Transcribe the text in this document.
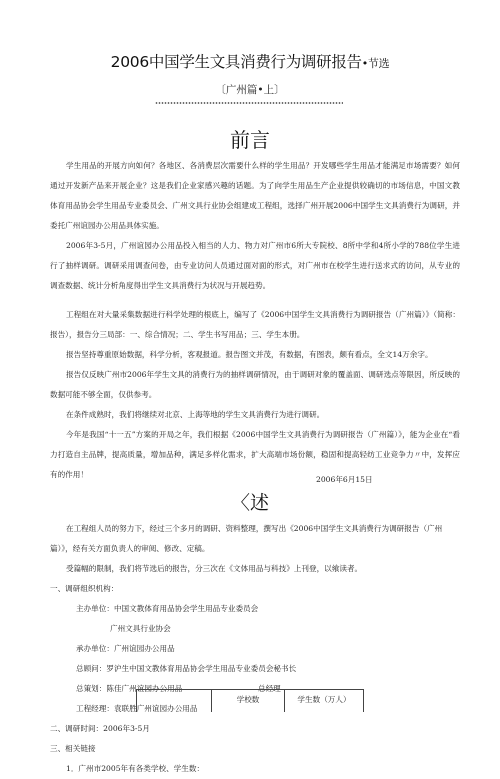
2006中国学生文具消费行为调研报告•节选
〔广州篇•上〕
前言

学生用品的开展方向如何？各地区、各消费层次需要什么样的学生用品？开发哪些学生用品才能满足市场需要？如何通过开发新产品来开展企业？这是我们企业家感兴趣的话题。为了向学生用品生产企业提供较确切的市场信息，中国文教体育用品协会学生用品专业委员会、广州文具行业协会组建成工程组，选择广州开展2006中国学生文具消费行为调研，并委托广州谊园办公用品具体实施。

2006年3-5月，广州谊园办公用品投入相当的人力、物力对广州市6所大专院校、8所中学和4所小学的788位学生进行了抽样调研。调研采用调查问卷，由专业访问人员通过面对面的形式，对广州市在校学生进行送求式的访问，从专业的调查数据、统计分析角度得出学生文具消费行为状况与开展趋势。

工程组在对大量采集数据进行科学处理的根底上，编写了《2006中国学生文具消费行为调研报告（广州篇）》（简称：报告），报告分三局部：一、综合情况；二、学生书写用品；三、学生本册。

报告坚持尊重原始数据，科学分析，客观报道。报告图文并茂，有数据，有图表，颇有看点，全文14万余字。

报告仅反映广州市2006年学生文具的消费行为的抽样调研情况，由于调研对象的覆盖面、调研选点等限因，所反映的数据可能不够全面，仅供参考。

在条件成熟时，我们将继续对北京、上海等地的学生文具消费行为进行调研。

今年是我国“十一五”方案的开局之年，我们根据《2006中国学生文具消费行为调研报告（广州篇）》，能为企业在“看力打造自主品牌，提高质量，增加品种，满足多样化需求，扩大高端市场份额，稳固和提高轻纺工业竞争力〃中，发挥应有的作用！

2006年6月15日
〈述
在工程组人员的努力下，经过三个多月的调研、资料整理，撰写出《2006中国学生文具消费行为调研报告（广州篇）》，经有关方面负责人的审阅、修改、定稿。
受篇幅的限制，我们将节选后的报告，分三次在《文体用品与科技》上刊登，以飨读者。
一、调研组织机构：
主办单位：中国文教体育用品协会学生用品专业委员会
广州文具行业协会
承办单位：广州谊园办公用品
总顾问：罗沪生中国文教体育用品协会学生用品专业委员会秘书长
总策划：陈佳广州谊园办公用品	总经理
工程经理：袁联胜广州谊园办公用品
二、调研时间：2006年3-5月
三、相关链接
1．广州市2005年有各类学校、学生数：
学校数	学生数（万人）
